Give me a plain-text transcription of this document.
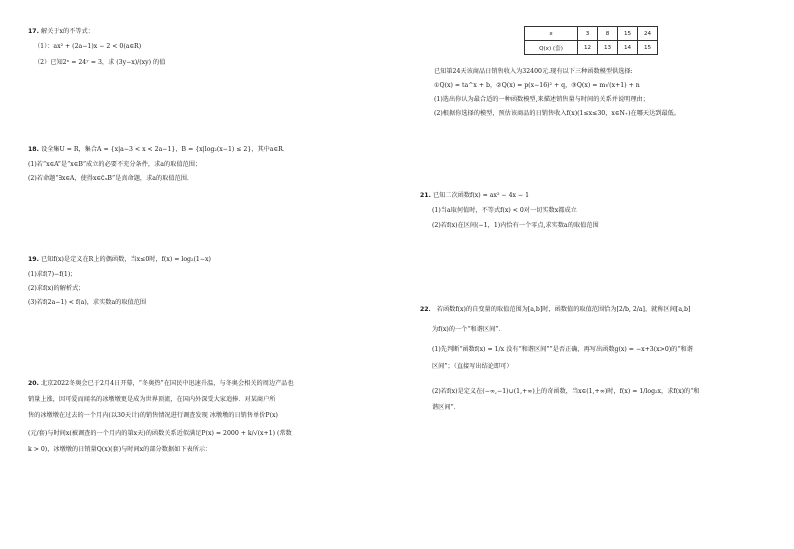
17. 解关于x的不等式：
（1）：ax² + (2a−1)x − 2 < 0(a∈R)
（2）已知2ˣ = 24ʸ = 3，求 (3y−x)/(xy) 的值
18. 设全集U = R，集合A = {x|a−3 < x < 2a−1}，B = {x|log₂(x−1) ≤ 2}，其中a∈R．
(1)若“x∈A”是“x∈B”成立的必要不充分条件，求a的取值范围；
(2)若命题“∃x∈A，使得x∈∁ᵤB”是真命题，求a的取值范围．
19. 已知f(x)是定义在R上的偶函数，当x≤0时，f(x) = log₂(1−x)
(1)求f(7)−f(1)；
(2)求f(x)的解析式；
(3)若f(2a−1) < f(a)，求实数a的取值范围
20. 北京2022冬奥会已于2月4日开幕，“冬奥热”在国民中迅速升温，与冬奥会相关的周边产品也
销量上涨，因可爱而闻名的冰墩墩更是成为世界顶流，在国内外深受大家追捧．对某商户所
售的冰墩墩在过去的一个月内(以30天计)的销售情况进行调查发现 冰墩墩的日销售单价P(x)
(元/套)与时间x(被调查的一个月内的第x天)的函数关系近似满足P(x) = 2000 + k/√(x+1) (常数
k > 0)，冰墩墩的日销量Q(x)(套)与时间x的部分数据如下表所示：
x	3	8	15	24
Q(x) (套)	12	13	14	15
已知第24天该商品日销售收入为32400元.现有以下三种函数模型供选择:
①Q(x) = ta^x + b，②Q(x) = p(x−16)² + q，③Q(x) = m√(x+1) + n
(1)选出你认为最合适的一种函数模型,来描述销售量与时间的关系并说明理由；
(2)根据你选择的模型，预估该商品的日销售收入f(x)(1≤x≤30，x∈N₊)在哪天达到最低。
21. 已知二次函数f(x) = ax² − 4x − 1
(1)当a取何值时，不等式f(x) < 0对一切实数x都成立
(2)若f(x)在区间(−1，1)内恰有一个零点,求实数a的取值范围
22． 若函数f(x)的自变量的取值范围为[a,b]时，函数值的取值范围恰为[2/b, 2/a]，就称区间[a,b]
为f(x)的一个“和谐区间”．
(1)先判断“函数f(x) = 1/x 没有“和谐区间””是否正确，再写出函数g(x) = −x+3(x>0)的“和谐
区间”；（直接写出结论即可）
(2)若f(x)是定义在(−∞,−1)∪(1,+∞)上的奇函数，当x∈(1,+∞)时，f(x) = 1/log₂x，求f(x)的“和
谐区间”．
